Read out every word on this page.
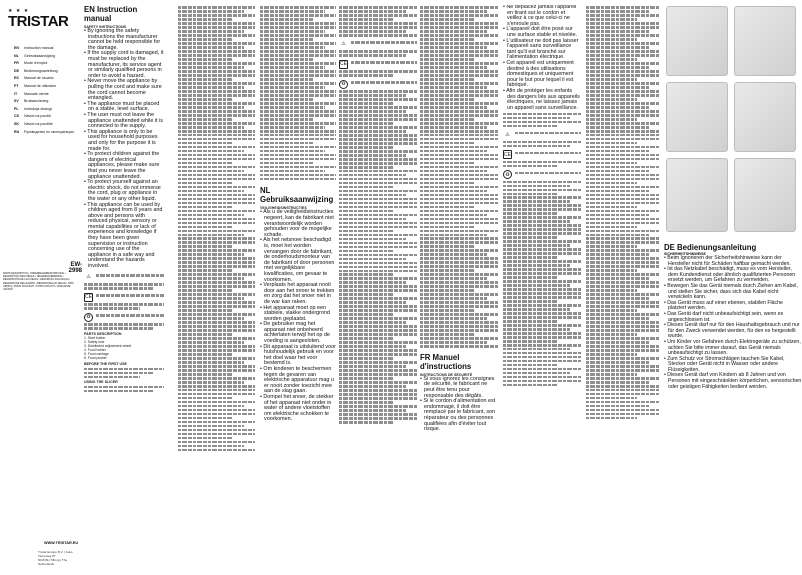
★ ★ ★
TRISTAR
EN	Instruction manual
NL	Gebruiksaanwijzing
FR	Mode d'emploi
DE	Bedienungsanleitung
ES	Manual de usuario
PT	Manual de utilizador
IT	Manuale utente
SV	Bruksanvisning
PL	Instrukcja obsługi
CS	Návod na použití
SK	Návod na použitie
RU	Руководство по эксплуатации
EW-2998
PARTS DESCRIPTION • ONDERDELENBESCHRIJVING • DESCRIPTION DES PIÈCES • TEILEBESCHREIBUNG • DESCRIPCIÓN DE LAS PIEZAS • DESCRIÇÃO DAS PEÇAS • DESCRIZIONE DELLE PARTI • BESKRIVNING AV DELAR • OPIS CZĘŚCI • POPIS SOUČÁSTÍ • POPIS SÚČASTÍ • ОПИСАНИЕ ЧАСТЕЙ
WWW.TRISTAR.EU
Tristar Europe B.V. | Jules Verneweg 87
5015 BH Tilburg | The Netherlands
EN Instruction manual
SAFETY INSTRUCTIONS
• By ignoring the safety instructions the manufacturer cannot be held responsible for the damage.
• If the supply cord is damaged, it must be replaced by the manufacturer, its service agent or similarly qualified persons in order to avoid a hazard.
• Never move the appliance by pulling the cord and make sure the cord cannot become entangled.
• The appliance must be placed on a stable, level surface.
• The user must not leave the appliance unattended while it is connected to the supply.
• This appliance is only to be used for household purposes and only for the purpose it is made for.
• To protect children against the dangers of electrical appliances, please make sure that you never leave the appliance unattended.
• To protect yourself against an electric shock, do not immerse the cord, plug or appliance in the water or any other liquid.
• This appliance can be used by children aged from 8 years and above and persons with reduced physical, sensory or mental capabilities or lack of experience and knowledge if they have been given supervision or instruction concerning use of the appliance in a safe way and understand the hazards involved.
⚠
CE
♻
PARTS DESCRIPTION
1. Start button
2. Safety lock
3. Distributed adjustment wheel
4. Food holder
5. Food carriage
6. Food pusher
BEFORE THE FIRST USE
USING THE SLICER
NL Gebruiksaanwijzing
VEILIGHEIDSINSTRUCTIES
• Als u de veiligheidsinstructies negeert, kan de fabrikant niet verantwoordelijk worden gehouden voor de mogelijke schade.
• Als het netsnoer beschadigd is, moet het worden vervangen door de fabrikant, de onderhoudsmonteur van de fabrikant of door personen met vergelijkbare kwalificaties, om gevaar te voorkomen.
• Verplaats het apparaat nooit door aan het snoer te trekken en zorg dat het snoer niet in de war kan raken.
• Het apparaat moet op een stabiele, vlakke ondergrond worden geplaatst.
• De gebruiker mag het apparaat niet onbeheerd achterlaten terwijl het op de voeding is aangesloten.
• Dit apparaat is uitsluitend voor huishoudelijk gebruik en voor het doel waar het voor bestemd is.
• Om kinderen te beschermen tegen de gevaren van elektrische apparatuur mag u er nooit zonder toezicht mee aan de slag gaan.
• Dompel het snoer, de stekker of het apparaat niet onder in water of andere vloeistoffen om elektrische schokken te voorkomen.
⚠
CE
♻
FR Manuel d'instructions
INSTRUCTIONS DE SÉCURITÉ
• Si vous ignorez les consignes de sécurité, le fabricant ne peut être tenu pour responsable des dégâts.
• Si le cordon d'alimentation est endommagé, il doit être remplacé par le fabricant, son réparateur ou des personnes qualifiées afin d'éviter tout risque.
• Ne déplacez jamais l'appareil en tirant sur le cordon et veillez à ce que celui-ci ne s'enroule pas.
• L'appareil doit être posé sur une surface stable et nivelée.
• L'utilisateur ne doit pas laisser l'appareil sans surveillance tant qu'il est branché sur l'alimentation électrique.
• Cet appareil est uniquement destiné à des utilisations domestiques et uniquement pour le but pour lequel il est fabriqué.
• Afin de protéger les enfants des dangers liés aux appareils électriques, ne laissez jamais un appareil sans surveillance.
⚠
CE
♻
DE Bedienungsanleitung
SICHERHEITSHINWEISE
• Beim Ignorieren der Sicherheitshinweise kann der Hersteller nicht für Schäden haftbar gemacht werden.
• Ist das Netzkabel beschädigt, muss es vom Hersteller, dem Kundendienst oder ähnlich qualifizierten Personen ersetzt werden, um Gefahren zu vermeiden.
• Bewegen Sie das Gerät niemals durch Ziehen am Kabel, und stellen Sie sicher, dass sich das Kabel nicht verwickeln kann.
• Das Gerät muss auf einer ebenen, stabilen Fläche platziert werden.
• Das Gerät darf nicht unbeaufsichtigt sein, wenn es angeschlossen ist.
• Dieses Gerät darf nur für den Haushaltsgebrauch und nur für den Zweck verwendet werden, für den es hergestellt wurde.
• Um Kinder vor Gefahren durch Elektrogeräte zu schützen, achten Sie bitte immer darauf, das Gerät niemals unbeaufsichtigt zu lassen.
• Zum Schutz vor Stromschlägen tauchen Sie Kabel, Stecker oder Gerät nicht in Wasser oder andere Flüssigkeiten.
• Dieses Gerät darf von Kindern ab 8 Jahren und von Personen mit eingeschränkten körperlichen, sensorischen oder geistigen Fähigkeiten bedient werden.
